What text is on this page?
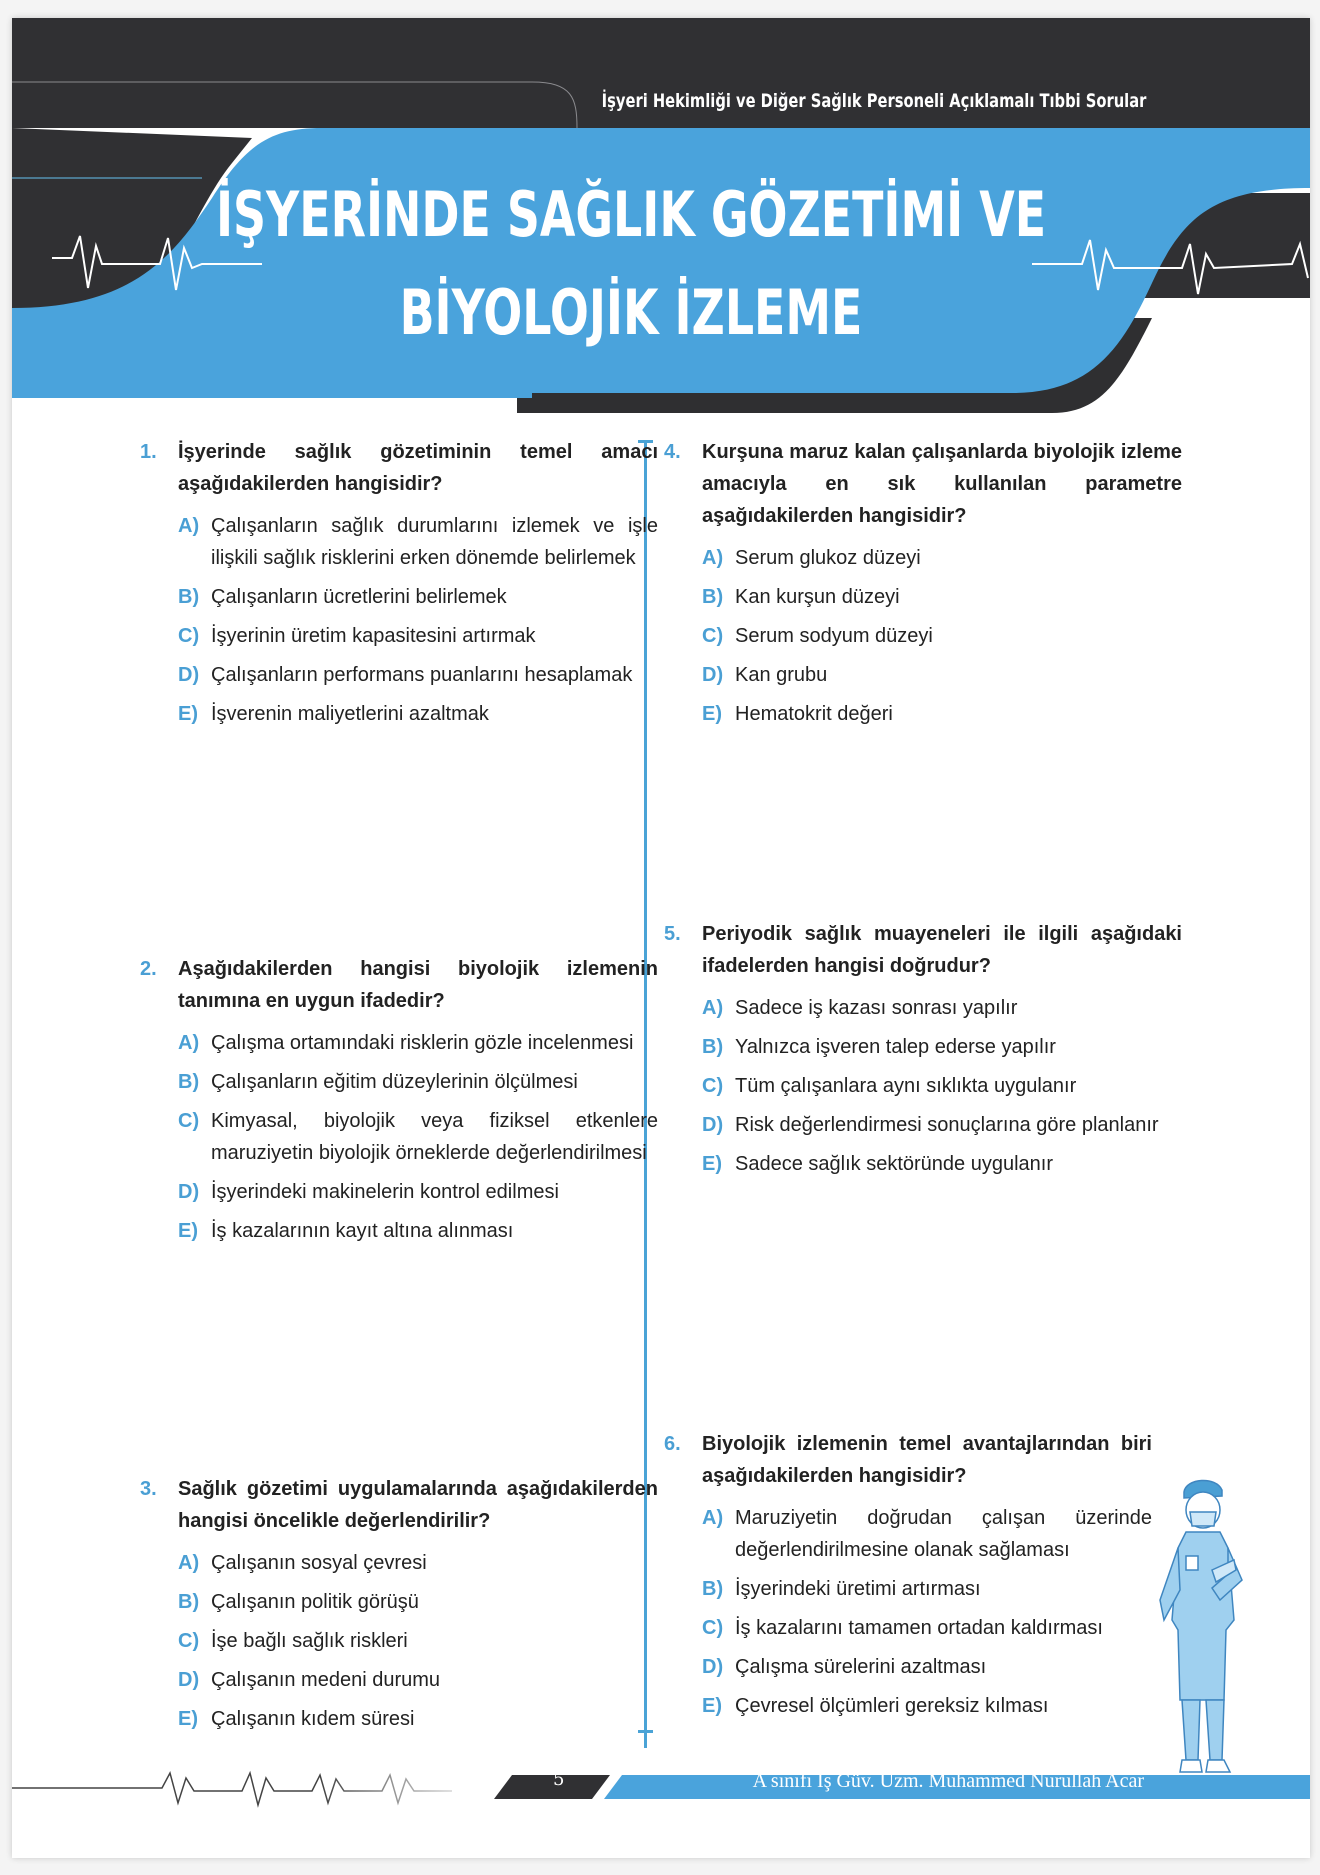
İşyeri Hekimliği ve Diğer Sağlık Personeli Açıklamalı Tıbbi Sorular
İŞYERİNDE SAĞLIK GÖZETİMİ VE
BİYOLOJİK İZLEME
1. İşyerinde sağlık gözetiminin temel amacı aşağıdakilerden hangisidir?
A) Çalışanların sağlık durumlarını izlemek ve işle ilişkili sağlık risklerini erken dönemde belirlemek
B) Çalışanların ücretlerini belirlemek
C) İşyerinin üretim kapasitesini artırmak
D) Çalışanların performans puanlarını hesaplamak
E) İşverenin maliyetlerini azaltmak
2. Aşağıdakilerden hangisi biyolojik izlemenin tanımına en uygun ifadedir?
A) Çalışma ortamındaki risklerin gözle incelenmesi
B) Çalışanların eğitim düzeylerinin ölçülmesi
C) Kimyasal, biyolojik veya fiziksel etkenlere maruziyetin biyolojik örneklerde değerlendirilmesi
D) İşyerindeki makinelerin kontrol edilmesi
E) İş kazalarının kayıt altına alınması
3. Sağlık gözetimi uygulamalarında aşağıdakilerden hangisi öncelikle değerlendirilir?
A) Çalışanın sosyal çevresi
B) Çalışanın politik görüşü
C) İşe bağlı sağlık riskleri
D) Çalışanın medeni durumu
E) Çalışanın kıdem süresi
4. Kurşuna maruz kalan çalışanlarda biyolojik izleme amacıyla en sık kullanılan parametre aşağıdakilerden hangisidir?
A) Serum glukoz düzeyi
B) Kan kurşun düzeyi
C) Serum sodyum düzeyi
D) Kan grubu
E) Hematokrit değeri
5. Periyodik sağlık muayeneleri ile ilgili aşağıdaki ifadelerden hangisi doğrudur?
A) Sadece iş kazası sonrası yapılır
B) Yalnızca işveren talep ederse yapılır
C) Tüm çalışanlara aynı sıklıkta uygulanır
D) Risk değerlendirmesi sonuçlarına göre planlanır
E) Sadece sağlık sektöründe uygulanır
6. Biyolojik izlemenin temel avantajlarından biri aşağıdakilerden hangisidir?
A) Maruziyetin doğrudan çalışan üzerinde değerlendirilmesine olanak sağlaması
B) İşyerindeki üretimi artırması
C) İş kazalarını tamamen ortadan kaldırması
D) Çalışma sürelerini azaltması
E) Çevresel ölçümleri gereksiz kılması
5	A sınıfı İş Güv. Uzm. Muhammed Nurullah Acar
